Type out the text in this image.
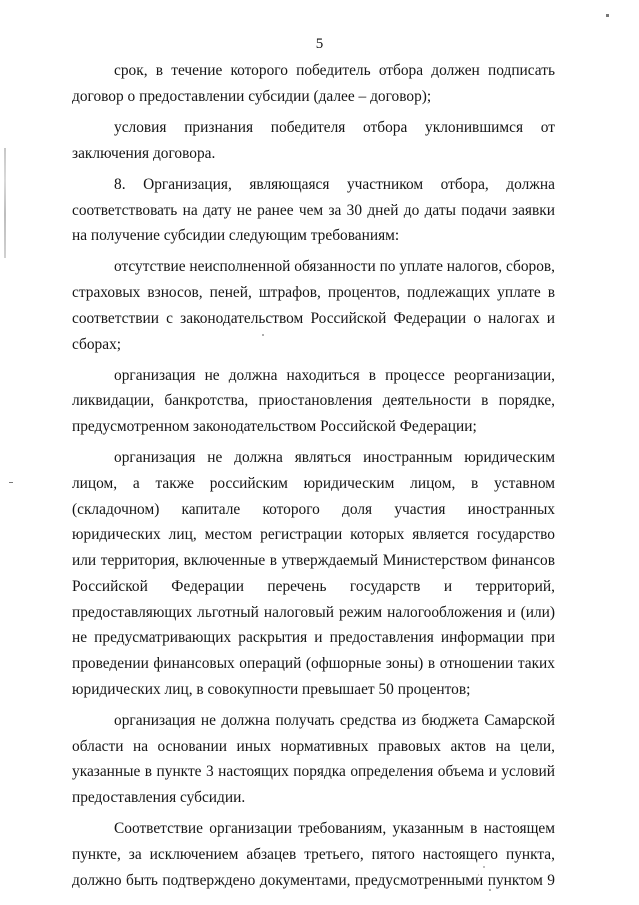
5

срок, в течение которого победитель отбора должен подписать договор о предоставлении субсидии (далее – договор);

условия признания победителя отбора уклонившимся от заключения договора.

8. Организация, являющаяся участником отбора, должна соответствовать на дату не ранее чем за 30 дней до даты подачи заявки на получение субсидии следующим требованиям:

отсутствие неисполненной обязанности по уплате налогов, сборов, страховых взносов, пеней, штрафов, процентов, подлежащих уплате в соответствии с законодательством Российской Федерации о налогах и сборах;

организация не должна находиться в процессе реорганизации, ликвидации, банкротства, приостановления деятельности в порядке, предусмотренном законодательством Российской Федерации;

организация не должна являться иностранным юридическим лицом, а также российским юридическим лицом, в уставном (складочном) капитале которого доля участия иностранных юридических лиц, местом регистрации которых является государство или территория, включенные в утверждаемый Министерством финансов Российской Федерации перечень государств и территорий, предоставляющих льготный налоговый режим налогообложения и (или) не предусматривающих раскрытия и предоставления информации при проведении финансовых операций (офшорные зоны) в отношении таких юридических лиц, в совокупности превышает 50 процентов;

организация не должна получать средства из бюджета Самарской области на основании иных нормативных правовых актов на цели, указанные в пункте 3 настоящих порядка определения объема и условий предоставления субсидии.

Соответствие организации требованиям, указанным в настоящем пункте, за исключением абзацев третьего, пятого настоящего пункта, должно быть подтверждено документами, предусмотренными пунктом 9
